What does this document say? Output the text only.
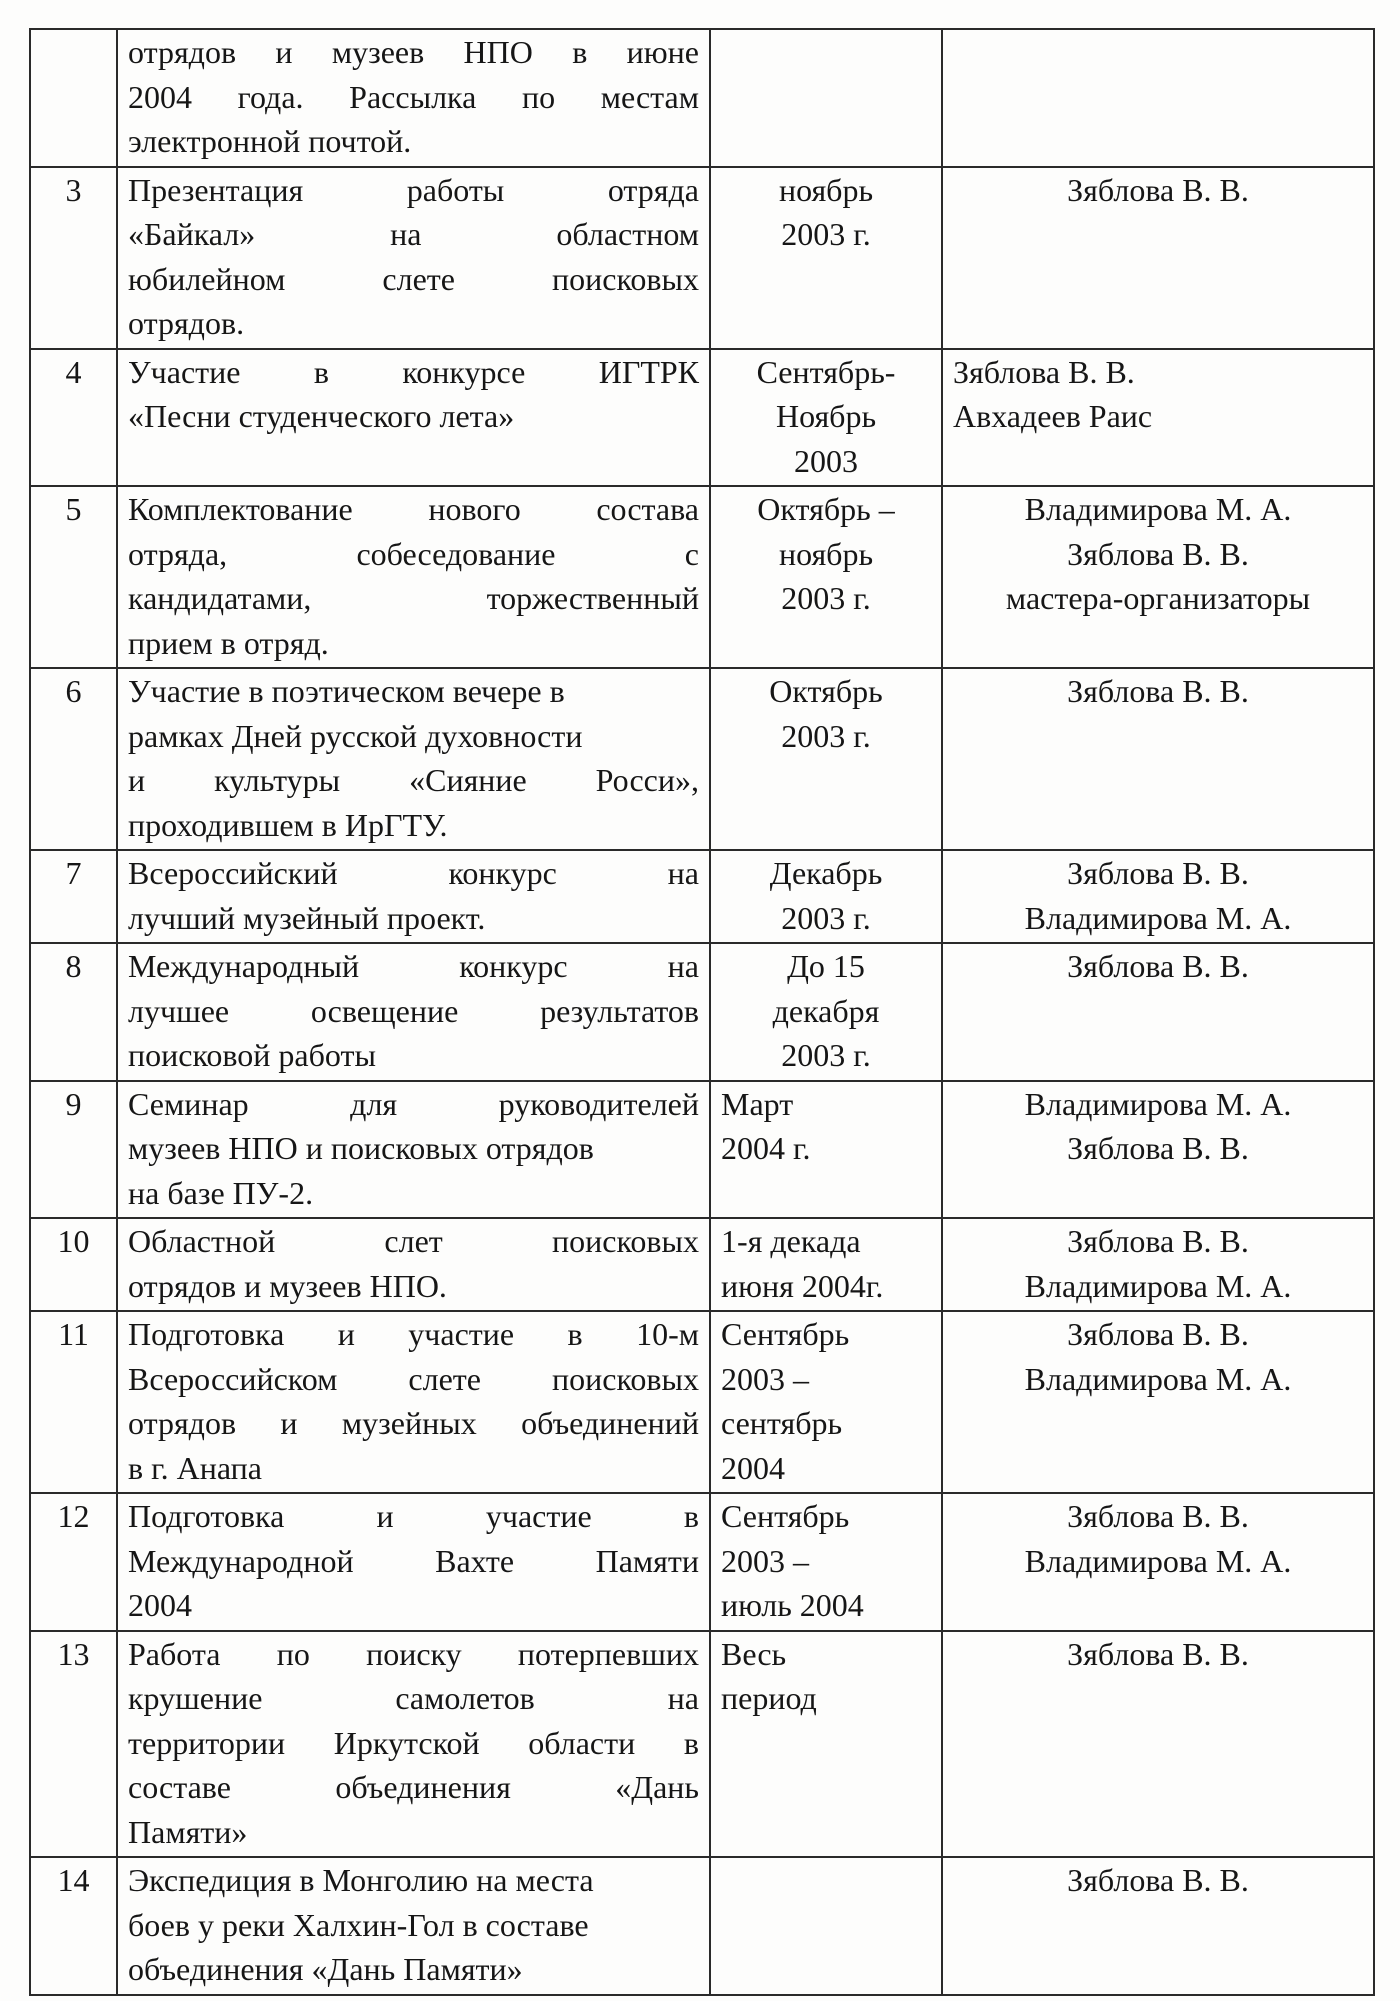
	отрядов и музеев НПО в июне
2004 года. Рассылка по местам
электронной почтой.		

3	Презентация работы отряда
«Байкал» на областном
юбилейном слете поисковых
отрядов.	ноябрь
2003 г.	Зяблова В. В.

4	Участие в конкурсе ИГТРК
«Песни студенческого лета»	Сентябрь-
Ноябрь
2003	Зяблова В. В.
Авхадеев Раис

5	Комплектование нового состава
отряда, собеседование с
кандидатами, торжественный
прием в отряд.	Октябрь –
ноябрь
2003 г.	Владимирова М. А.
Зяблова В. В.
мастера-организаторы

6	Участие в поэтическом вечере в
рамках Дней русской духовности
и культуры «Сияние Росси»,
проходившем в ИрГТУ.	Октябрь
2003 г.	Зяблова В. В.

7	Всероссийский конкурс на
лучший музейный проект.	Декабрь
2003 г.	Зяблова В. В.
Владимирова М. А.

8	Международный конкурс на
лучшее освещение результатов
поисковой работы	До 15
декабря
2003 г.	Зяблова В. В.

9	Семинар для руководителей
музеев НПО и поисковых отрядов
на базе ПУ-2.	Март
2004 г.	Владимирова М. А.
Зяблова В. В.

10	Областной слет поисковых
отрядов и музеев НПО.	1-я декада
июня 2004г.	Зяблова В. В.
Владимирова М. А.

11	Подготовка и участие в 10-м
Всероссийском слете поисковых
отрядов и музейных объединений
в г. Анапа	Сентябрь
2003 –
сентябрь
2004	Зяблова В. В.
Владимирова М. А.

12	Подготовка и участие в
Международной Вахте Памяти
2004	Сентябрь
2003 –
июль 2004	Зяблова В. В.
Владимирова М. А.

13	Работа по поиску потерпевших
крушение самолетов на
территории Иркутской области в
составе объединения «Дань
Памяти»	Весь
период	Зяблова В. В.

14	Экспедиция в Монголию на места
боев у реки Халхин-Гол в составе
объединения «Дань Памяти»		Зяблова В. В.
